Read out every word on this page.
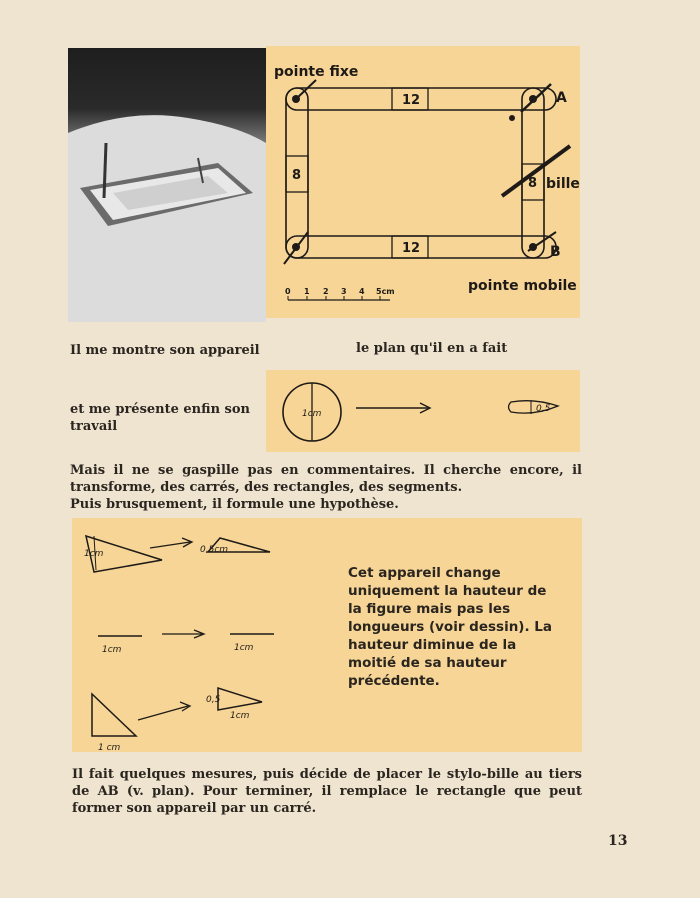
pointe fixe
12
12
8
8
A
bille
B
pointe mobile
0 1 2 3 4 5cm
Il me montre son appareil	le plan qu'il en a fait
1cm	0,5
et me présente enfin son travail
Mais il ne se gaspille pas en commentaires. Il cherche encore, il transforme, des carrés, des rectangles, des segments.
Puis brusquement, il formule une hypothèse.
1cm	0,5cm
1cm	1cm
1 cm
0,5
1cm
Cet appareil change uniquement la hauteur de la figure mais pas les longueurs (voir dessin). La hauteur diminue de la moitié de sa hauteur précédente.
Il fait quelques mesures, puis décide de placer le stylo-bille au tiers de AB (v. plan). Pour terminer, il remplace le rectangle que peut former son appareil par un carré.
13
